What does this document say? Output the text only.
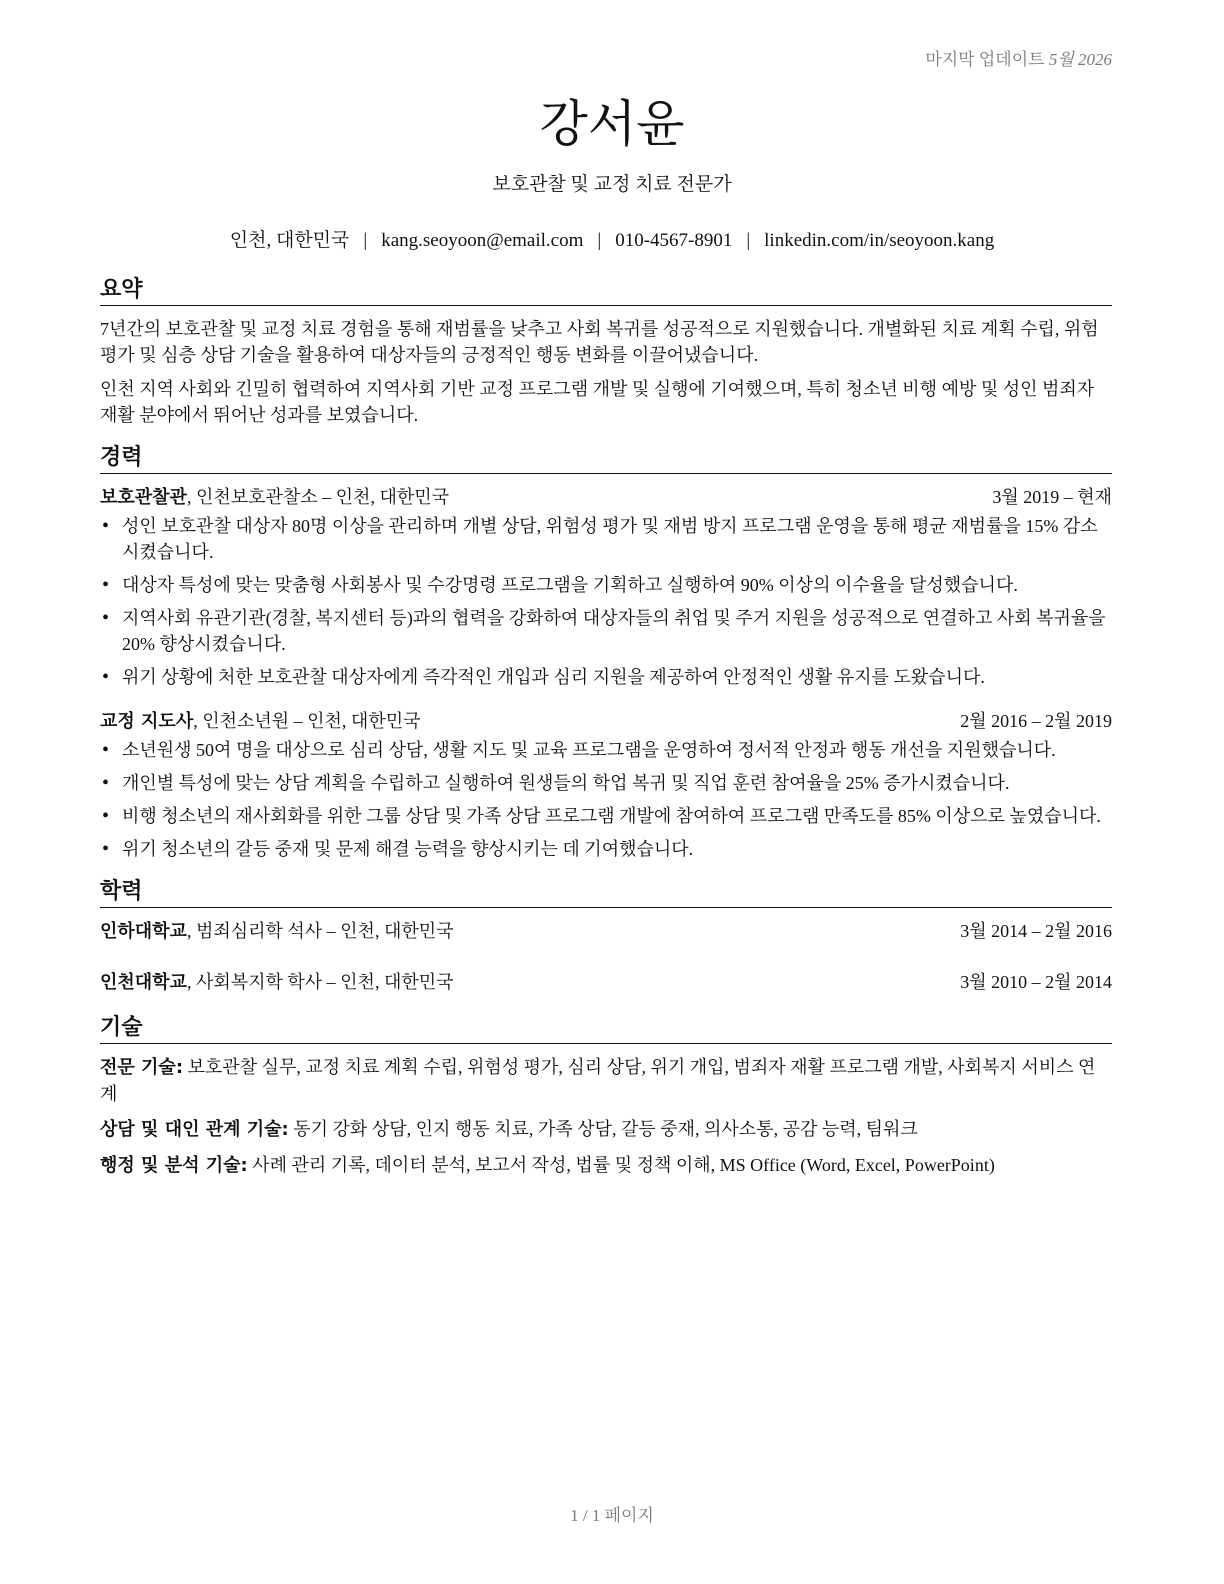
마지막 업데이트 5월 2026
강서윤
보호관찰 및 교정 치료 전문가
인천, 대한민국 | kang.seoyoon@email.com | 010-4567-8901 | linkedin.com/in/seoyoon.kang
요약

7년간의 보호관찰 및 교정 치료 경험을 통해 재범률을 낮추고 사회 복귀를 성공적으로 지원했습니다. 개별화된 치료 계획 수립, 위험 평가 및 심층 상담 기술을 활용하여 대상자들의 긍정적인 행동 변화를 이끌어냈습니다.

인천 지역 사회와 긴밀히 협력하여 지역사회 기반 교정 프로그램 개발 및 실행에 기여했으며, 특히 청소년 비행 예방 및 성인 범죄자 재활 분야에서 뛰어난 성과를 보였습니다.

경력
보호관찰관, 인천보호관찰소 – 인천, 대한민국	3월 2019 – 현재
• 성인 보호관찰 대상자 80명 이상을 관리하며 개별 상담, 위험성 평가 및 재범 방지 프로그램 운영을 통해 평균 재범률을 15% 감소시켰습니다.
• 대상자 특성에 맞는 맞춤형 사회봉사 및 수강명령 프로그램을 기획하고 실행하여 90% 이상의 이수율을 달성했습니다.
• 지역사회 유관기관(경찰, 복지센터 등)과의 협력을 강화하여 대상자들의 취업 및 주거 지원을 성공적으로 연결하고 사회 복귀율을 20% 향상시켰습니다.
• 위기 상황에 처한 보호관찰 대상자에게 즉각적인 개입과 심리 지원을 제공하여 안정적인 생활 유지를 도왔습니다.
교정 지도사, 인천소년원 – 인천, 대한민국	2월 2016 – 2월 2019
• 소년원생 50여 명을 대상으로 심리 상담, 생활 지도 및 교육 프로그램을 운영하여 정서적 안정과 행동 개선을 지원했습니다.
• 개인별 특성에 맞는 상담 계획을 수립하고 실행하여 원생들의 학업 복귀 및 직업 훈련 참여율을 25% 증가시켰습니다.
• 비행 청소년의 재사회화를 위한 그룹 상담 및 가족 상담 프로그램 개발에 참여하여 프로그램 만족도를 85% 이상으로 높였습니다.
• 위기 청소년의 갈등 중재 및 문제 해결 능력을 향상시키는 데 기여했습니다.
학력
인하대학교, 범죄심리학 석사 – 인천, 대한민국	3월 2014 – 2월 2016
인천대학교, 사회복지학 학사 – 인천, 대한민국	3월 2010 – 2월 2014
기술
전문 기술: 보호관찰 실무, 교정 치료 계획 수립, 위험성 평가, 심리 상담, 위기 개입, 범죄자 재활 프로그램 개발, 사회복지 서비스 연계
상담 및 대인 관계 기술: 동기 강화 상담, 인지 행동 치료, 가족 상담, 갈등 중재, 의사소통, 공감 능력, 팀워크
행정 및 분석 기술: 사례 관리 기록, 데이터 분석, 보고서 작성, 법률 및 정책 이해, MS Office (Word, Excel, PowerPoint)
1 / 1 페이지
